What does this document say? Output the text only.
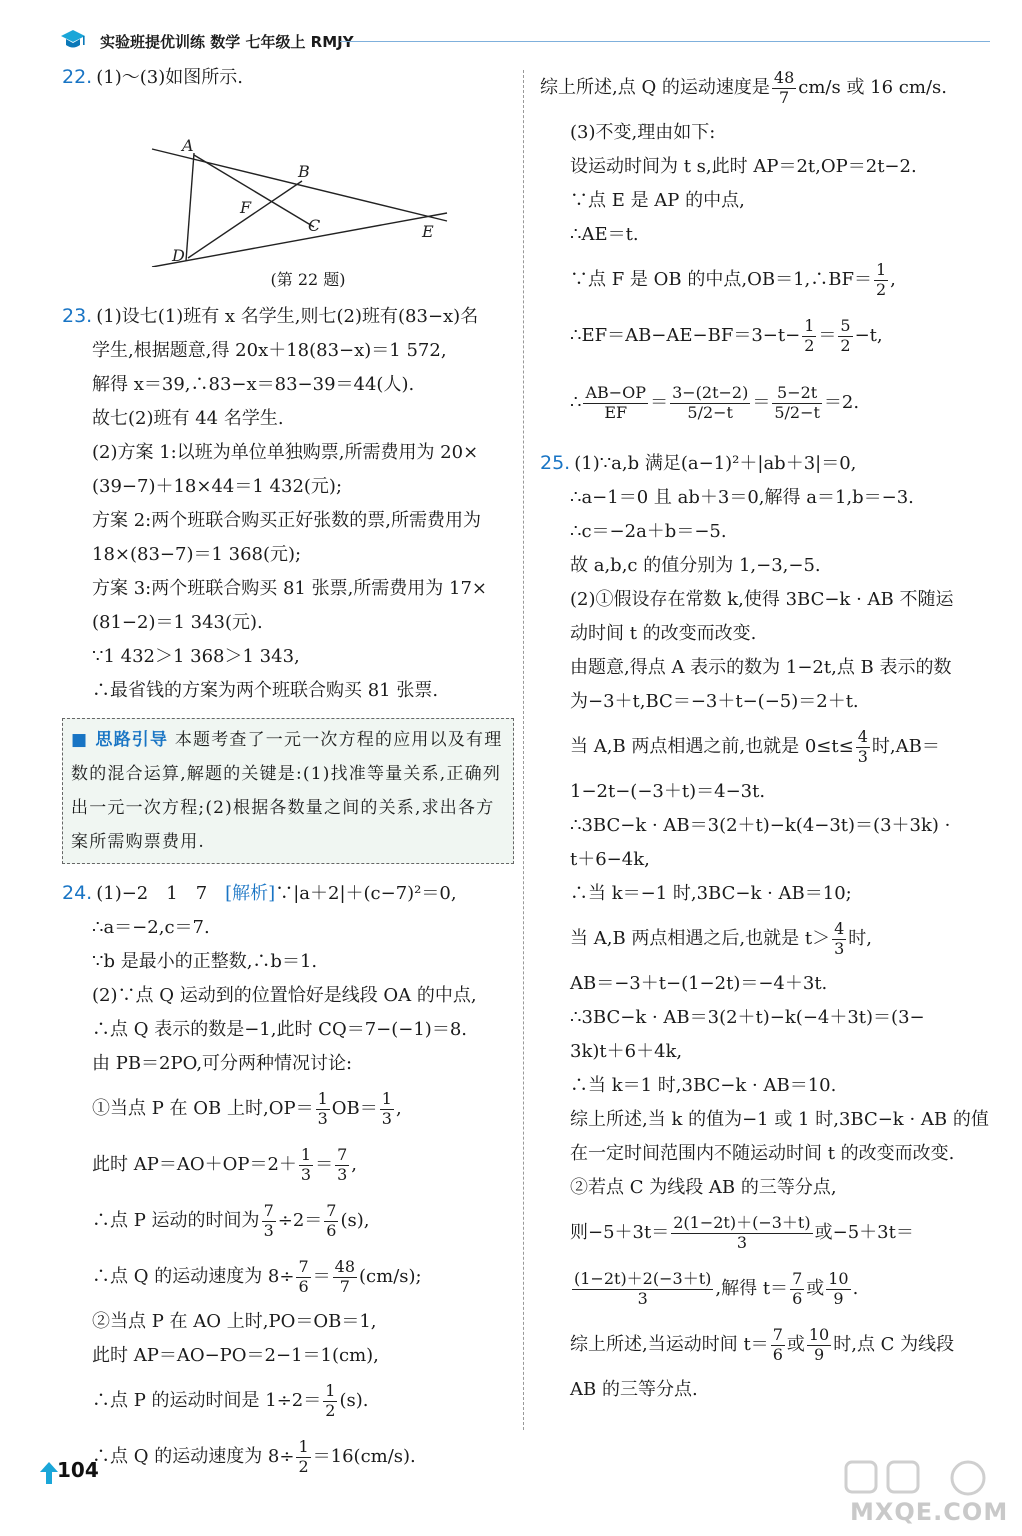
实验班提优训练 数学 七年级上 RMJY
22. (1)～(3)如图所示.
A
B
C
D
E
F
(第 22 题)
23. (1)设七(1)班有 x 名学生,则七(2)班有(83−x)名
学生,根据题意,得 20x＋18(83−x)＝1 572,
解得 x＝39,∴83−x＝83−39＝44(人).
故七(2)班有 44 名学生.
(2)方案 1:以班为单位单独购票,所需费用为 20×
(39−7)＋18×44＝1 432(元);
方案 2:两个班联合购买正好张数的票,所需费用为
18×(83−7)＝1 368(元);
方案 3:两个班联合购买 81 张票,所需费用为 17×
(81−2)＝1 343(元).
∵1 432＞1 368＞1 343,
∴最省钱的方案为两个班联合购买 81 张票.
■ 思路引导 本题考查了一元一次方程的应用以及有理数的混合运算,解题的关键是:(1)找准等量关系,正确列出一元一次方程;(2)根据各数量之间的关系,求出各方案所需购票费用.
24. (1)−2　1　7　[解析]∵|a＋2|＋(c−7)²＝0,
∴a＝−2,c＝7.
∵b 是最小的正整数,∴b＝1.
(2)∵点 Q 运动到的位置恰好是线段 OA 的中点,
∴点 Q 表示的数是−1,此时 CQ＝7−(−1)＝8.
由 PB＝2PO,可分两种情况讨论:
①当点 P 在 OB 上时$,OP= \frac{1}{3} OB= \frac{1}{3}$ ,
此时 $AP=AO+OP=2+ \frac{1}{3} = \frac{7}{3}$ ,
∴点 P 运动的时间为 $\frac{7}{3} \div 2= \frac{7}{6} (s)$,
∴点 Q 的运动速度为 $8\div \frac{7}{6} = \frac{48}{7} (cm/s)$;
②当点 P 在 AO 上时,PO＝OB＝1,
此时 AP＝AO−PO＝2−1＝1(cm),
∴点 P 的运动时间是 $1\div 2= \frac{1}{2} (s)$.
∴点 Q 的运动速度为 $8\div \frac{1}{2} =16(cm/s)$.
综上所述,点 Q 的运动速度是 $\frac{48}{7} cm/s$ 或 16 cm/s.
(3)不变,理由如下:
设运动时间为 t s,此时 AP＝2t,OP＝2t−2.
∵点 E 是 AP 的中点,
∴AE＝t.
∵点 F 是 OB 的中点,OB＝1,∴BF＝ $\frac{1}{2}$ ,
∴EF＝AB−AE−BF＝3−t− $\frac{1}{2} = \frac{5}{2} -t$,
∴ $\frac{AB-OP}{EF} = \frac{3-(2t-2)}{5/2-t} = \frac{5-2t}{5/2-t} =2$.
25. (1)∵a,b 满足(a−1)²＋|ab＋3|＝0,
∴a−1＝0 且 ab＋3＝0,解得 a＝1,b＝−3.
∴c＝−2a＋b＝−5.
故 a,b,c 的值分别为 1,−3,−5.
(2)①假设存在常数 k,使得 3BC−k · AB 不随运
动时间 t 的改变而改变.
由题意,得点 A 表示的数为 1−2t,点 B 表示的数
为−3＋t,BC＝−3＋t−(−5)＝2＋t.
当 A,B 两点相遇之前,也就是 $0\le t\le \frac{4}{3}$ 时,AB＝
1−2t−(−3＋t)＝4−3t.
∴3BC−k · AB＝3(2＋t)−k(4−3t)＝(3＋3k) ·
t＋6−4k,
∴当 k＝−1 时,3BC−k · AB＝10;
当 A,B 两点相遇之后,也就是 $t> \frac{4}{3}$ 时,
AB＝−3＋t−(1−2t)＝−4＋3t.
∴3BC−k · AB＝3(2＋t)−k(−4＋3t)＝(3−
3k)t＋6＋4k,
∴当 k＝1 时,3BC−k · AB＝10.
综上所述,当 k 的值为−1 或 1 时,3BC−k · AB 的值
在一定时间范围内不随运动时间 t 的改变而改变.
②若点 C 为线段 AB 的三等分点,
则$-5+3t= \frac{2(1-2t)+(-3+t)}{3}$ 或−5＋3t＝
$\frac{(1-2t)+2(-3+t)}{3}$ ,解得 $t= \frac{7}{6}$ 或 $\frac{10}{9}$ .
综上所述,当运动时间 $t= \frac{7}{6}$ 或 $\frac{10}{9}$ 时,点 C 为线段
AB 的三等分点.
104
MXQE.COM
